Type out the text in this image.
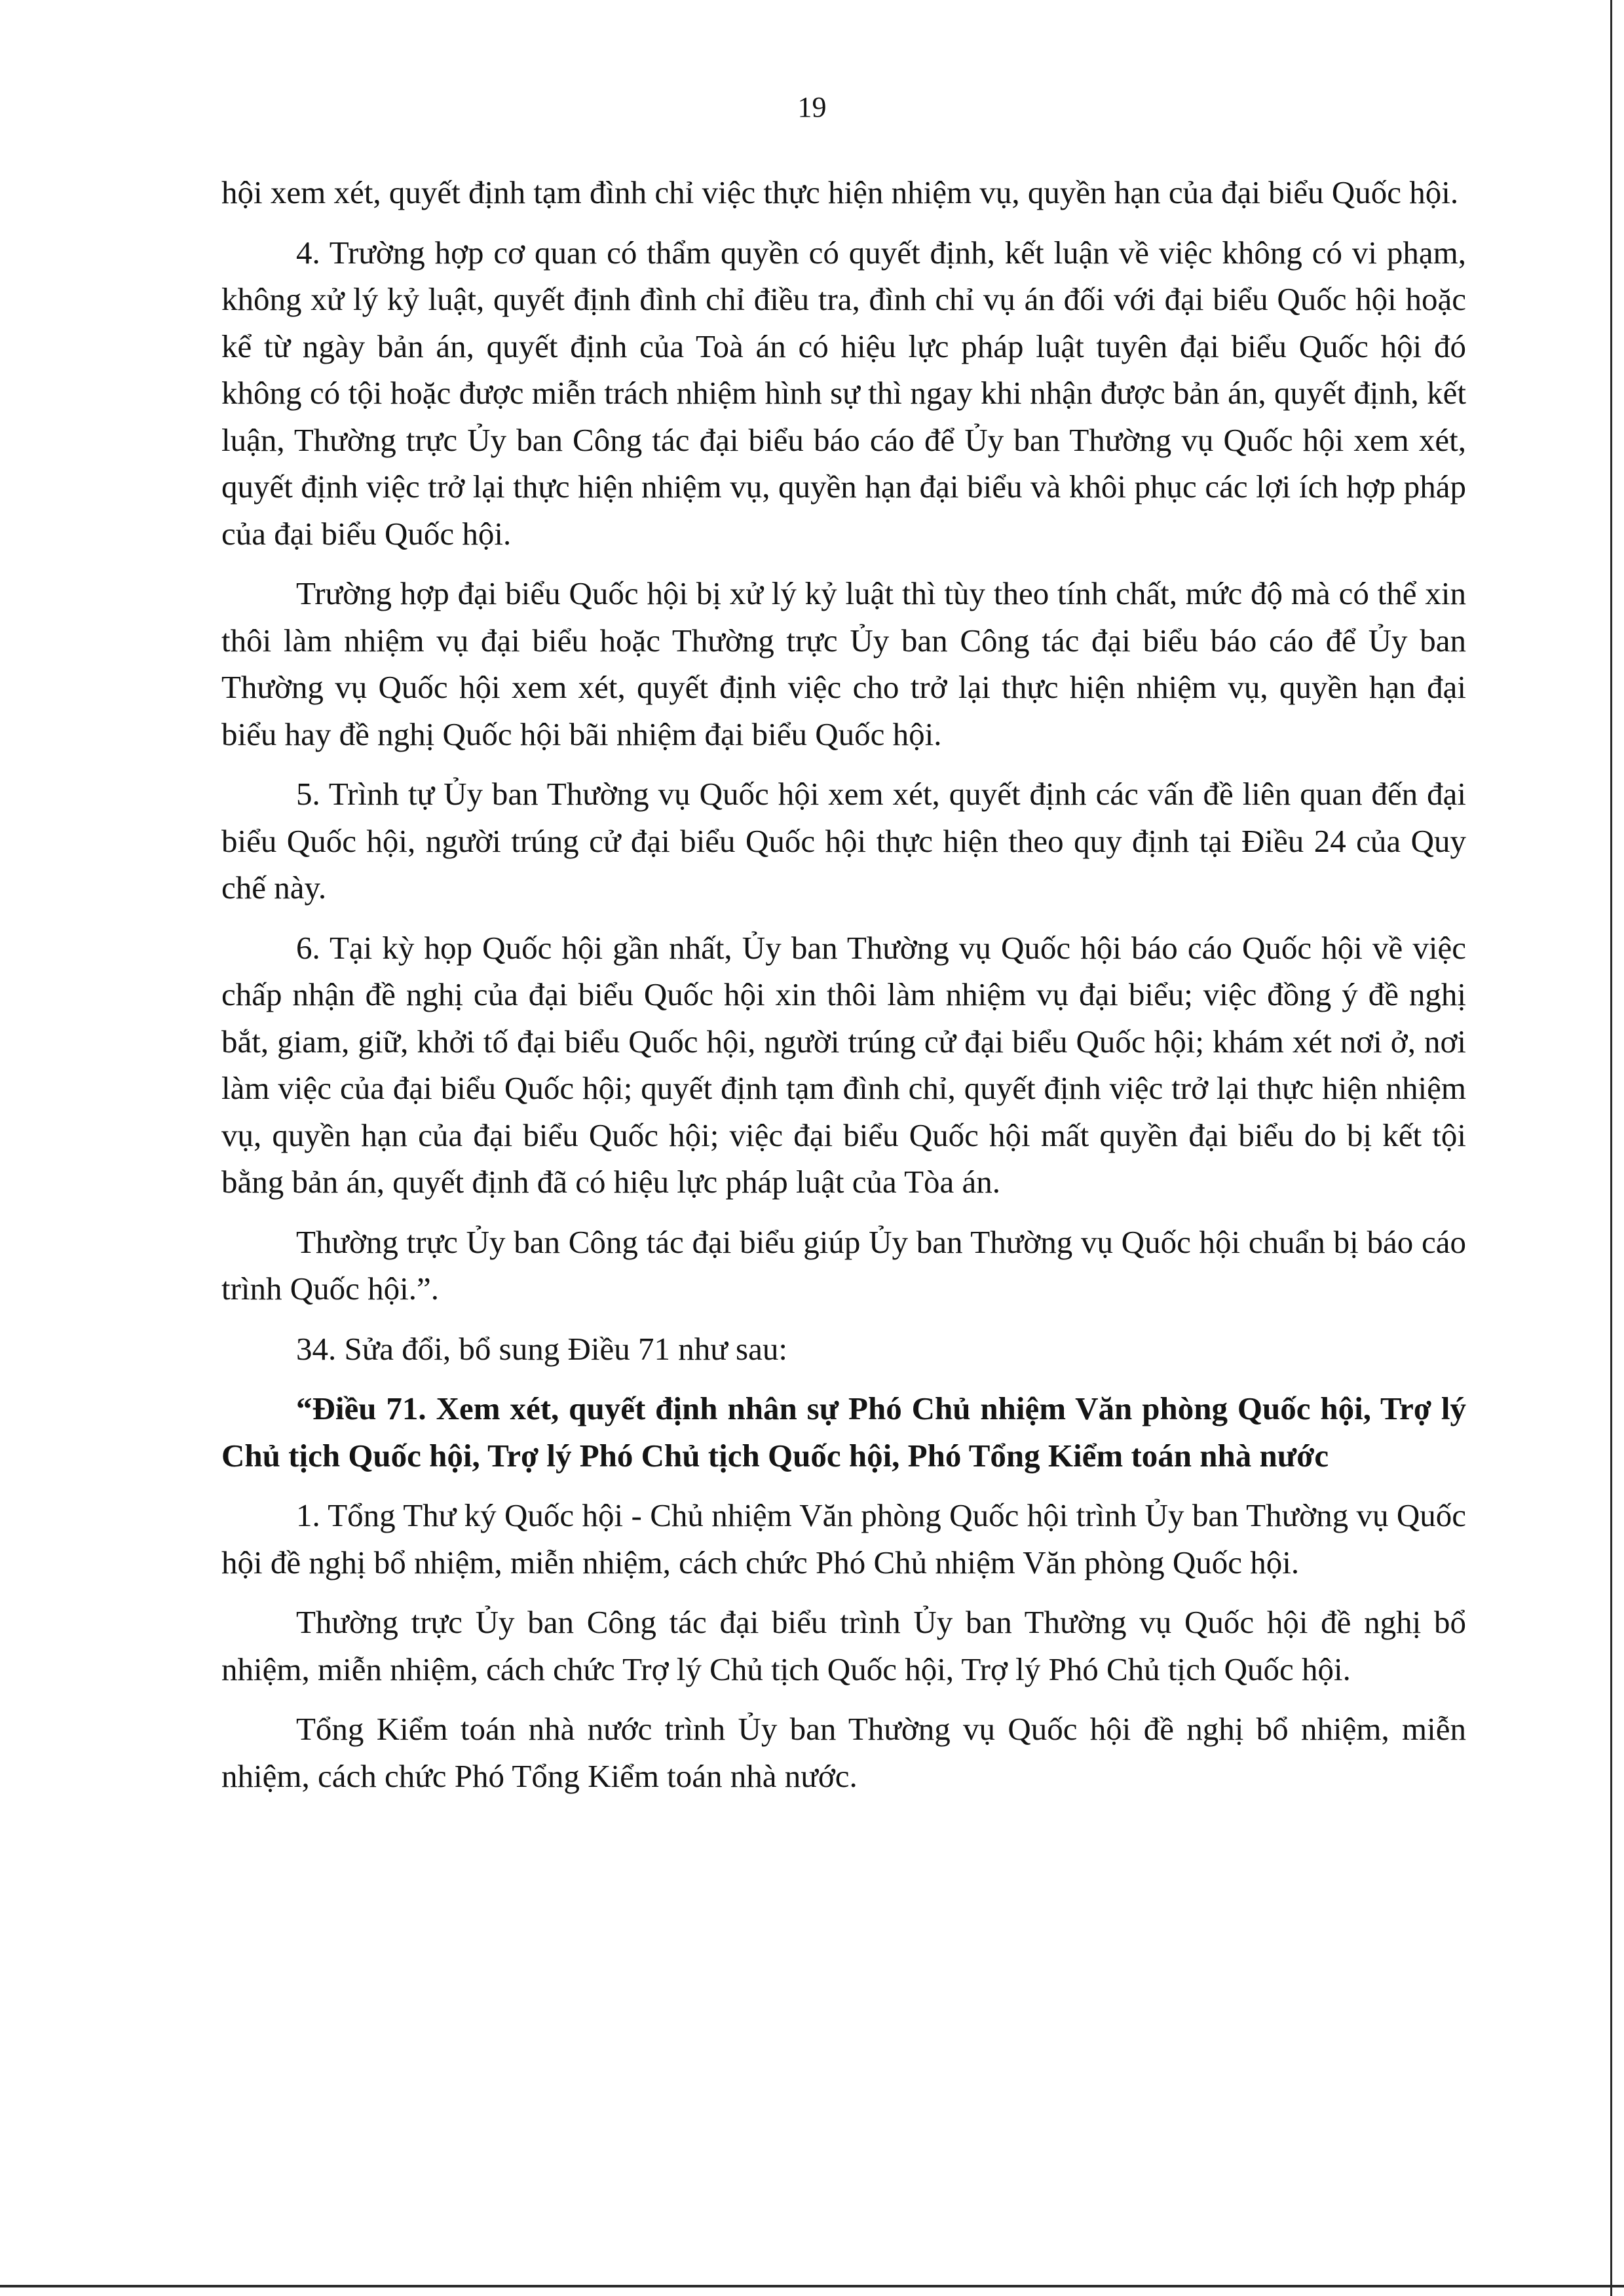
19

hội xem xét, quyết định tạm đình chỉ việc thực hiện nhiệm vụ, quyền hạn của đại biểu Quốc hội.

4. Trường hợp cơ quan có thẩm quyền có quyết định, kết luận về việc không có vi phạm, không xử lý kỷ luật, quyết định đình chỉ điều tra, đình chỉ vụ án đối với đại biểu Quốc hội hoặc kể từ ngày bản án, quyết định của Toà án có hiệu lực pháp luật tuyên đại biểu Quốc hội đó không có tội hoặc được miễn trách nhiệm hình sự thì ngay khi nhận được bản án, quyết định, kết luận, Thường trực Ủy ban Công tác đại biểu báo cáo để Ủy ban Thường vụ Quốc hội xem xét, quyết định việc trở lại thực hiện nhiệm vụ, quyền hạn đại biểu và khôi phục các lợi ích hợp pháp của đại biểu Quốc hội.

Trường hợp đại biểu Quốc hội bị xử lý kỷ luật thì tùy theo tính chất, mức độ mà có thể xin thôi làm nhiệm vụ đại biểu hoặc Thường trực Ủy ban Công tác đại biểu báo cáo để Ủy ban Thường vụ Quốc hội xem xét, quyết định việc cho trở lại thực hiện nhiệm vụ, quyền hạn đại biểu hay đề nghị Quốc hội bãi nhiệm đại biểu Quốc hội.

5. Trình tự Ủy ban Thường vụ Quốc hội xem xét, quyết định các vấn đề liên quan đến đại biểu Quốc hội, người trúng cử đại biểu Quốc hội thực hiện theo quy định tại Điều 24 của Quy chế này.

6. Tại kỳ họp Quốc hội gần nhất, Ủy ban Thường vụ Quốc hội báo cáo Quốc hội về việc chấp nhận đề nghị của đại biểu Quốc hội xin thôi làm nhiệm vụ đại biểu; việc đồng ý đề nghị bắt, giam, giữ, khởi tố đại biểu Quốc hội, người trúng cử đại biểu Quốc hội; khám xét nơi ở, nơi làm việc của đại biểu Quốc hội; quyết định tạm đình chỉ, quyết định việc trở lại thực hiện nhiệm vụ, quyền hạn của đại biểu Quốc hội; việc đại biểu Quốc hội mất quyền đại biểu do bị kết tội bằng bản án, quyết định đã có hiệu lực pháp luật của Tòa án.

Thường trực Ủy ban Công tác đại biểu giúp Ủy ban Thường vụ Quốc hội chuẩn bị báo cáo trình Quốc hội.”.

34. Sửa đổi, bổ sung Điều 71 như sau:

“Điều 71. Xem xét, quyết định nhân sự Phó Chủ nhiệm Văn phòng Quốc hội, Trợ lý Chủ tịch Quốc hội, Trợ lý Phó Chủ tịch Quốc hội, Phó Tổng Kiểm toán nhà nước

1. Tổng Thư ký Quốc hội - Chủ nhiệm Văn phòng Quốc hội trình Ủy ban Thường vụ Quốc hội đề nghị bổ nhiệm, miễn nhiệm, cách chức Phó Chủ nhiệm Văn phòng Quốc hội.

Thường trực Ủy ban Công tác đại biểu trình Ủy ban Thường vụ Quốc hội đề nghị bổ nhiệm, miễn nhiệm, cách chức Trợ lý Chủ tịch Quốc hội, Trợ lý Phó Chủ tịch Quốc hội.

Tổng Kiểm toán nhà nước trình Ủy ban Thường vụ Quốc hội đề nghị bổ nhiệm, miễn nhiệm, cách chức Phó Tổng Kiểm toán nhà nước.
